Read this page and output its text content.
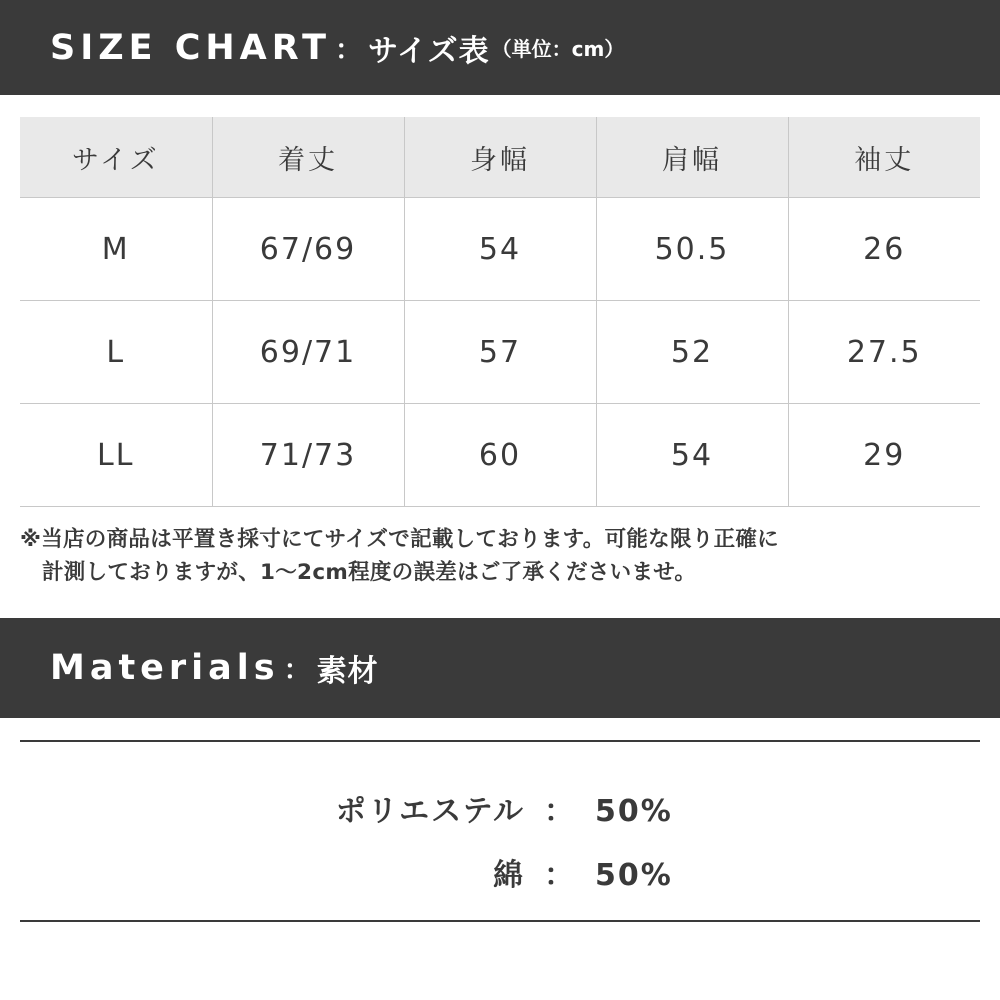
SIZE CHART ： サイズ表 （単位：cm）
サイズ	着丈	身幅	肩幅	袖丈
M	67/69	54	50.5	26
L	69/71	57	52	27.5
LL	71/73	60	54	29
※当店の商品は平置き採寸にてサイズで記載しております。可能な限り正確に
計測しておりますが、1〜2cm程度の誤差はご了承くださいませ。
Materials ： 素材
ポリエステル ： 50%
綿 ： 50%
